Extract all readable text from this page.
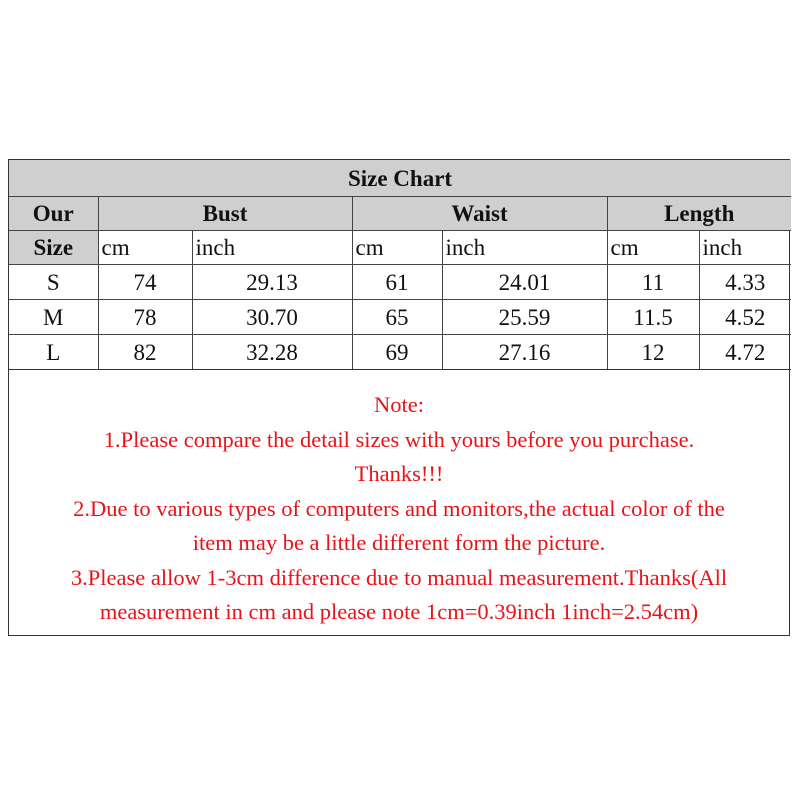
Size Chart						
Our	Bust		Waist		Length	
Size	cm	inch	cm	inch	cm	inch
S	74	29.13	61	24.01	11	4.33
M	78	30.70	65	25.59	11.5	4.52
L	82	32.28	69	27.16	12	4.72
Note:
1.Please compare the detail sizes with yours before you purchase.
Thanks!!!
2.Due to various types of computers and monitors,the actual color of the
item may be a little different form the picture.
3.Please allow 1-3cm difference due to manual measurement.Thanks(All
measurement in cm and please note 1cm=0.39inch 1inch=2.54cm)
